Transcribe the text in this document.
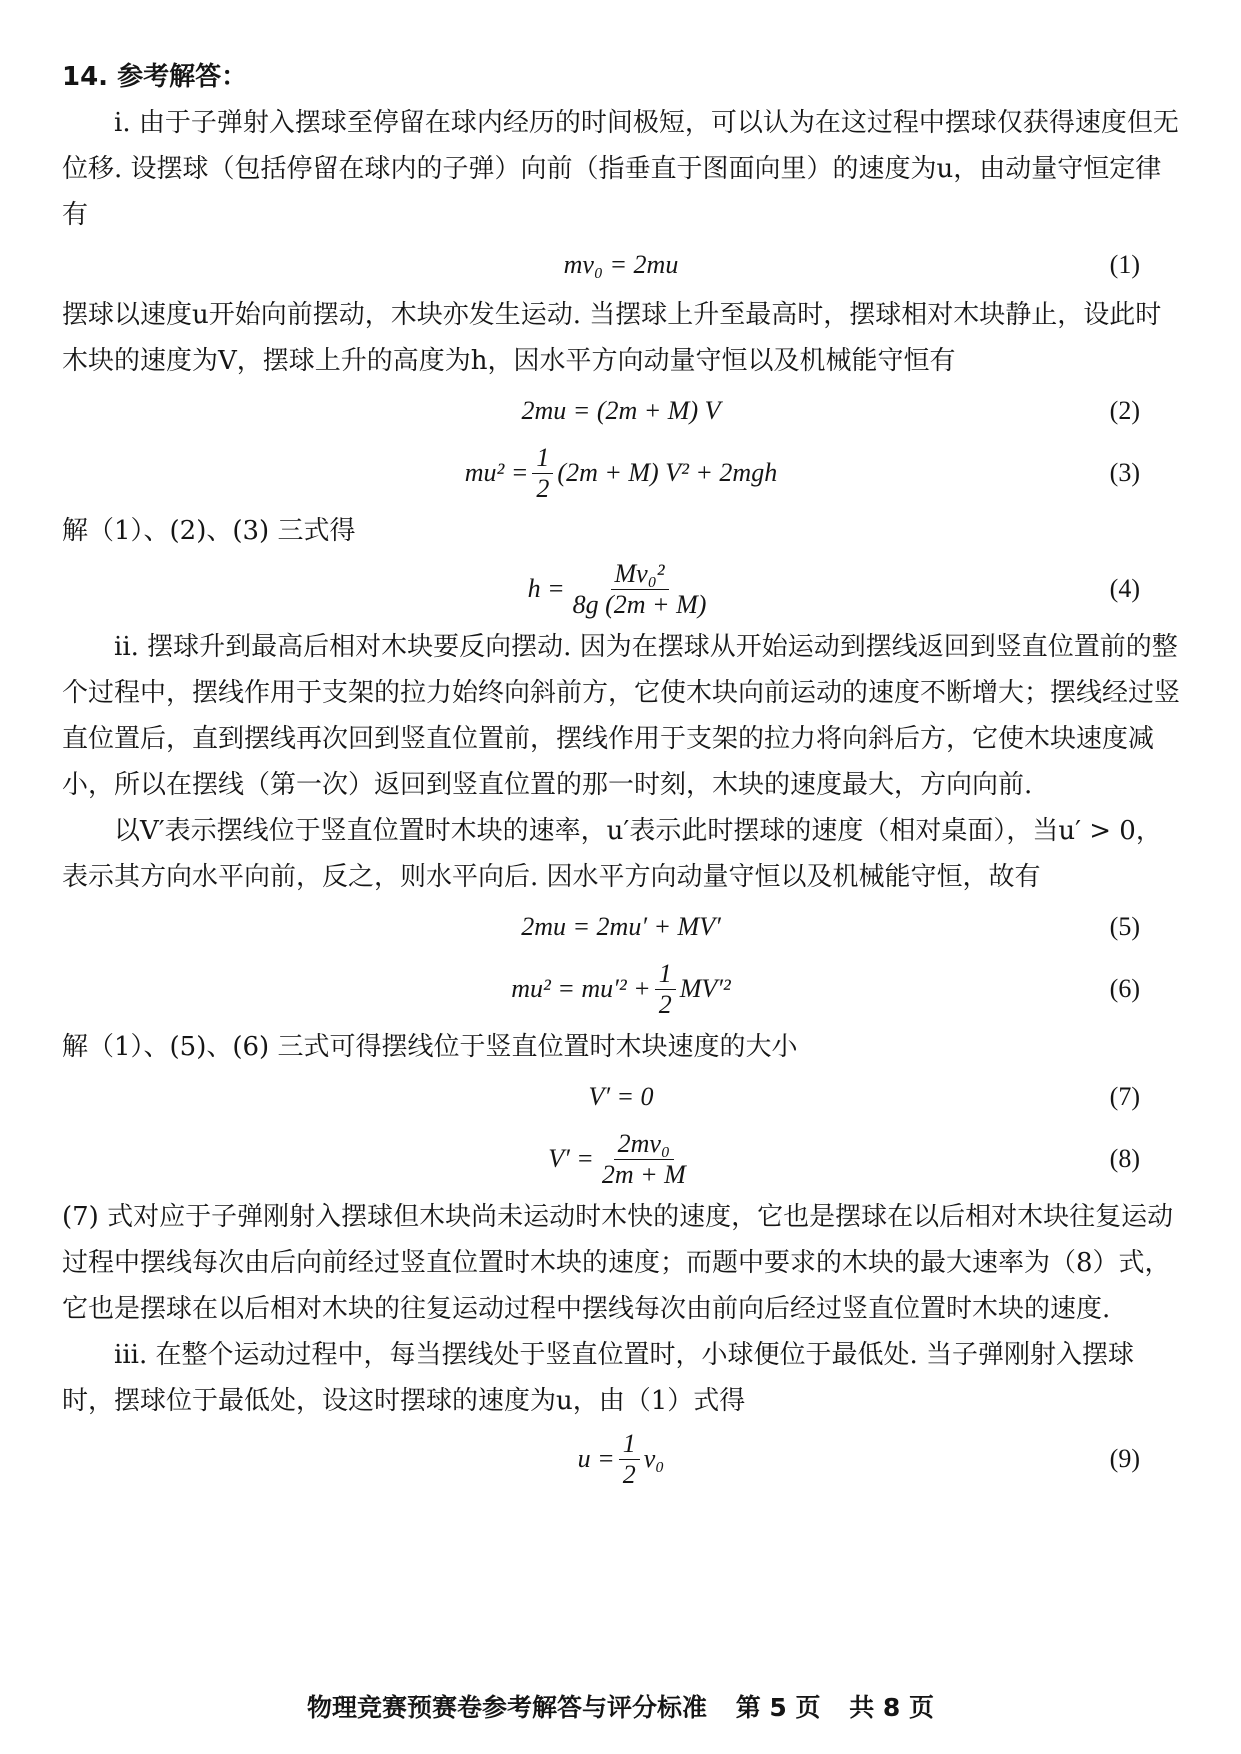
14. 参考解答：

i. 由于子弹射入摆球至停留在球内经历的时间极短，可以认为在这过程中摆球仅获得速度但无位移. 设摆球（包括停留在球内的子弹）向前（指垂直于图面向里）的速度为u，由动量守恒定律有

mv₀ = 2mu	(1)

摆球以速度u开始向前摆动，木块亦发生运动. 当摆球上升至最高时，摆球相对木块静止，设此时木块的速度为V，摆球上升的高度为h，因水平方向动量守恒以及机械能守恒有

2mu = (2m + M) V	(2)
$mu^2 = \frac{1}{2} (2m + M) V^2 + 2mgh$	(3)

解（1）、(2)、(3) 三式得

$h = \frac{\text{Mv₀²}}{8g (2m + M)}$	(4)

ii. 摆球升到最高后相对木块要反向摆动. 因为在摆球从开始运动到摆线返回到竖直位置前的整个过程中，摆线作用于支架的拉力始终向斜前方，它使木块向前运动的速度不断增大；摆线经过竖直位置后，直到摆线再次回到竖直位置前，摆线作用于支架的拉力将向斜后方，它使木块速度减小，所以在摆线（第一次）返回到竖直位置的那一时刻，木块的速度最大，方向向前.

以V′表示摆线位于竖直位置时木块的速率，u′表示此时摆球的速度（相对桌面），当u′ > 0，表示其方向水平向前，反之，则水平向后. 因水平方向动量守恒以及机械能守恒，故有

2mu = 2mu′ + MV′	(5)
$mu^2 = mu'^2 + \frac{1}{2} MV'^2$	(6)

解（1）、(5)、(6) 三式可得摆线位于竖直位置时木块速度的大小

V′ = 0	(7)
$V' = \frac{\text{2mv₀}}{2m + M}$	(8)

(7) 式对应于子弹刚射入摆球但木块尚未运动时木快的速度，它也是摆球在以后相对木块往复运动过程中摆线每次由后向前经过竖直位置时木块的速度；而题中要求的木块的最大速率为（8）式，它也是摆球在以后相对木块的往复运动过程中摆线每次由前向后经过竖直位置时木块的速度.

iii. 在整个运动过程中，每当摆线处于竖直位置时，小球便位于最低处. 当子弹刚射入摆球时，摆球位于最低处，设这时摆球的速度为u，由（1）式得

$u = \frac{1}{2} v_0$	(9)
物理竞赛预赛卷参考解答与评分标准 第 5 页 共 8 页
